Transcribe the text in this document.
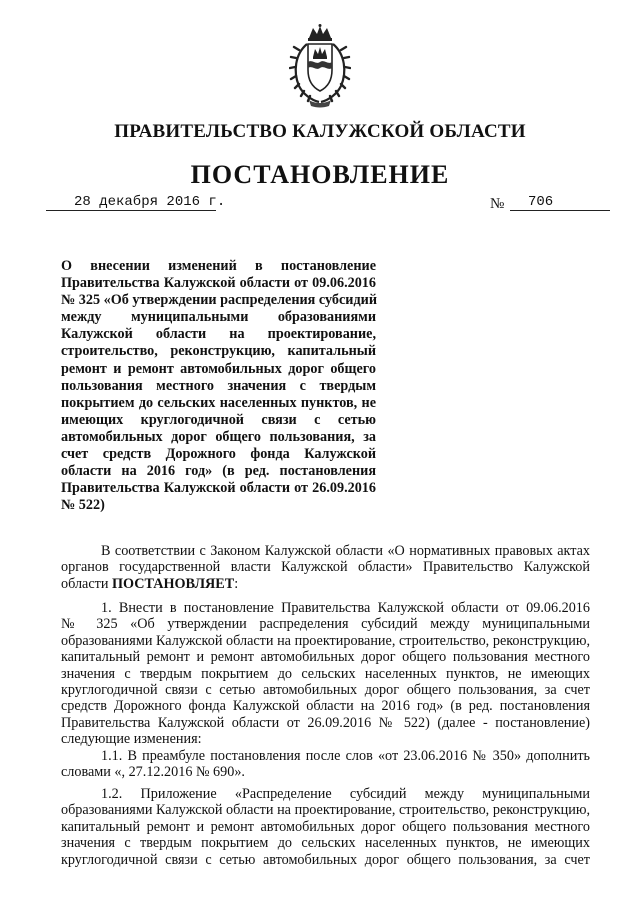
ПРАВИТЕЛЬСТВО КАЛУЖСКОЙ ОБЛАСТИ
ПОСТАНОВЛЕНИЕ
28 декабря 2016 г.	№ 706
О внесении изменений в постановление
Правительства Калужской области от 09.06.2016
№ 325 «Об утверждении распределения субсидий
между муниципальными образованиями
Калужской области на проектирование,
строительство, реконструкцию, капитальный
ремонт и ремонт автомобильных дорог общего
пользования местного значения с твердым
покрытием до сельских населенных пунктов, не
имеющих круглогодичной связи с сетью
автомобильных дорог общего пользования, за
счет средств Дорожного фонда Калужской
области на 2016 год» (в ред. постановления
Правительства Калужской области от 26.09.2016
№ 522)
В соответствии с Законом Калужской области «О нормативных правовых актах
органов государственной власти Калужской области» Правительство Калужской
области ПОСТАНОВЛЯЕТ:
1. Внести в постановление Правительства Калужской области от 09.06.2016
№ 325 «Об утверждении распределения субсидий между муниципальными
образованиями Калужской области на проектирование, строительство, реконструкцию,
капитальный ремонт и ремонт автомобильных дорог общего пользования местного
значения с твердым покрытием до сельских населенных пунктов, не имеющих
круглогодичной связи с сетью автомобильных дорог общего пользования, за счет
средств Дорожного фонда Калужской области на 2016 год» (в ред. постановления
Правительства Калужской области от 26.09.2016 № 522) (далее - постановление)
следующие изменения:
1.1. В преамбуле постановления после слов «от 23.06.2016 № 350» дополнить
словами «, 27.12.2016 № 690».
1.2. Приложение «Распределение субсидий между муниципальными
образованиями Калужской области на проектирование, строительство, реконструкцию,
капитальный ремонт и ремонт автомобильных дорог общего пользования местного
значения с твердым покрытием до сельских населенных пунктов, не имеющих
круглогодичной связи с сетью автомобильных дорог общего пользования, за счет
